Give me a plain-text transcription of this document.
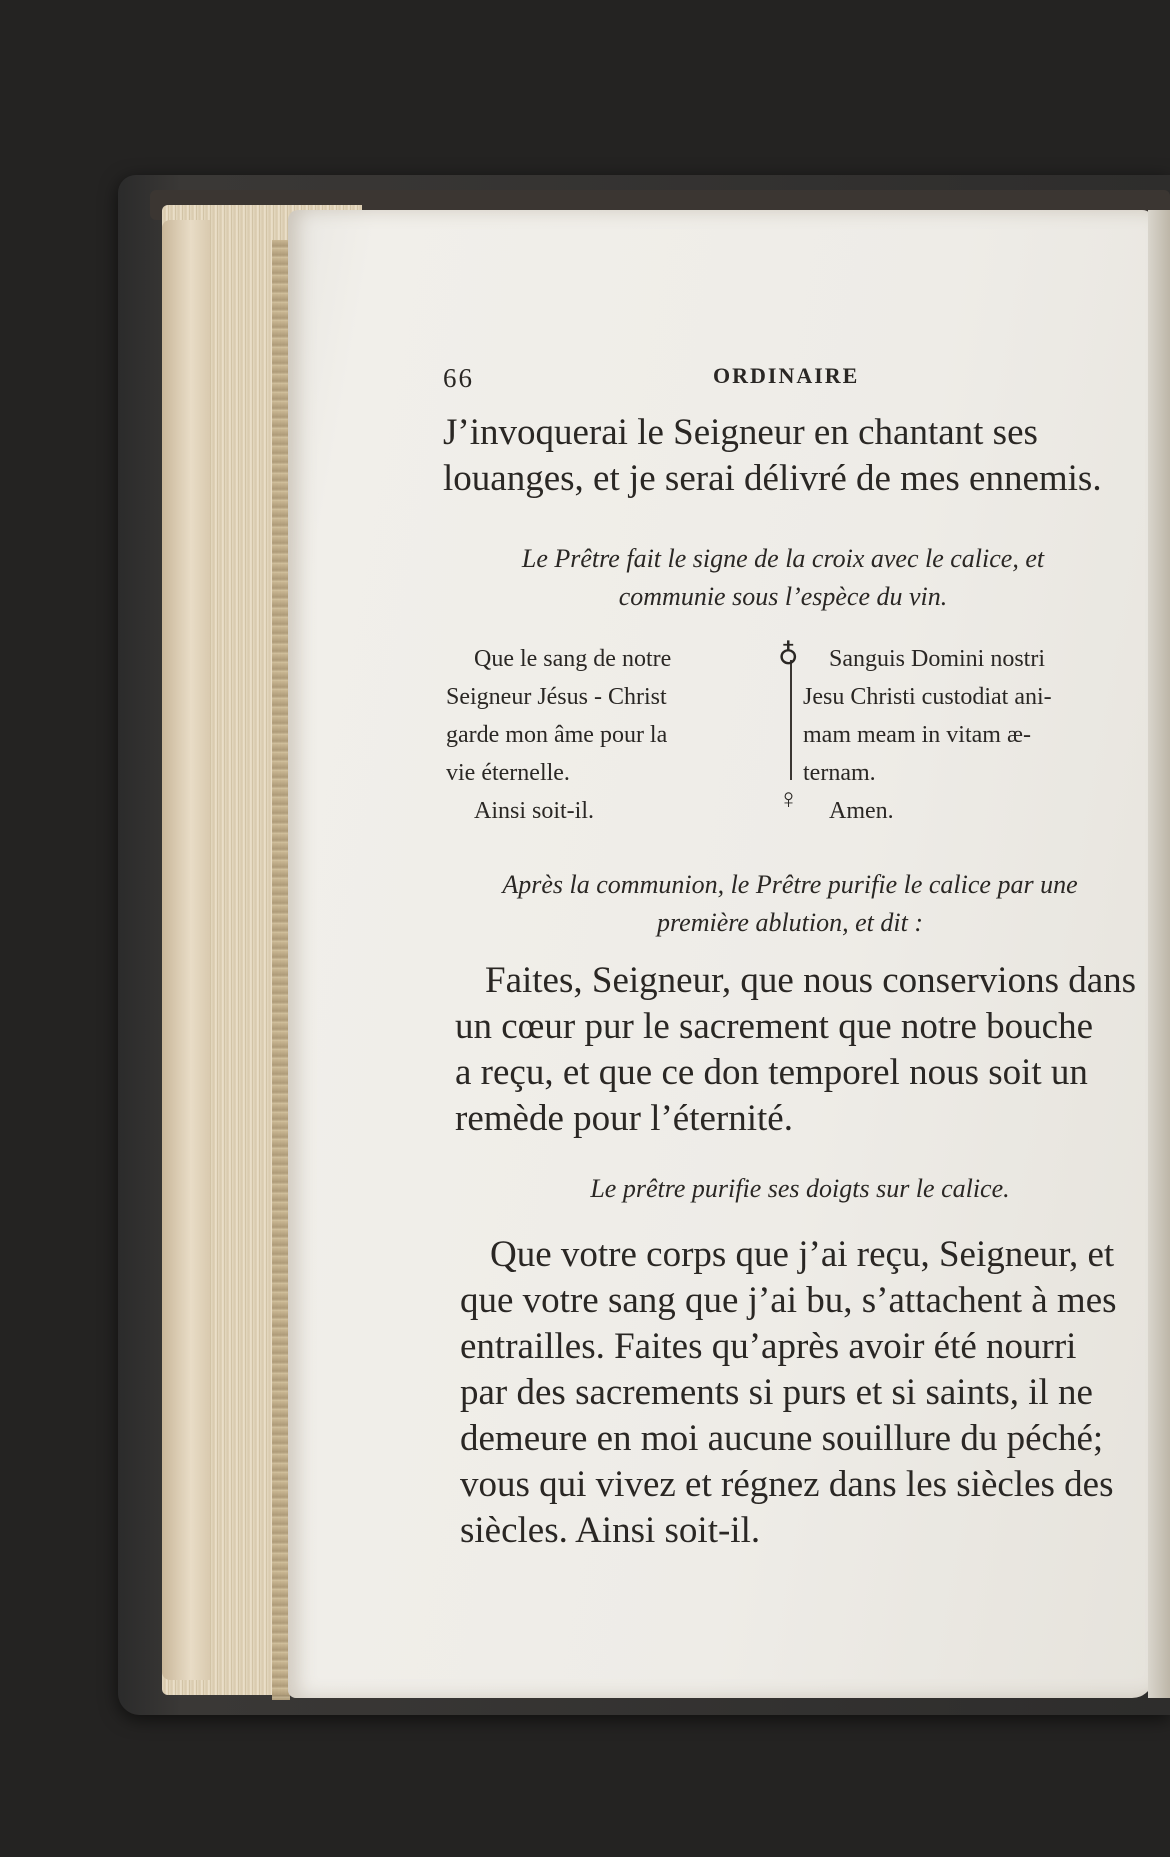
66	ORDINAIRE
J’invoquerai le Seigneur en chantant ses
louanges, et je serai délivré de mes ennemis.
Le Prêtre fait le signe de la croix avec le calice, et
communie sous l’espèce du vin.
Que le sang de notre
Seigneur Jésus - Christ
garde mon âme pour la
vie éternelle.
Ainsi soit-il.
♁
♀
Sanguis Domini nostri
Jesu Christi custodiat ani-
mam meam in vitam æ-
ternam.
Amen.
Après la communion, le Prêtre purifie le calice par une
première ablution, et dit :
Faites, Seigneur, que nous conservions dans
un cœur pur le sacrement que notre bouche
a reçu, et que ce don temporel nous soit un
remède pour l’éternité.
Le prêtre purifie ses doigts sur le calice.
Que votre corps que j’ai reçu, Seigneur, et
que votre sang que j’ai bu, s’attachent à mes
entrailles. Faites qu’après avoir été nourri
par des sacrements si purs et si saints, il ne
demeure en moi aucune souillure du péché;
vous qui vivez et régnez dans les siècles des
siècles. Ainsi soit-il.
